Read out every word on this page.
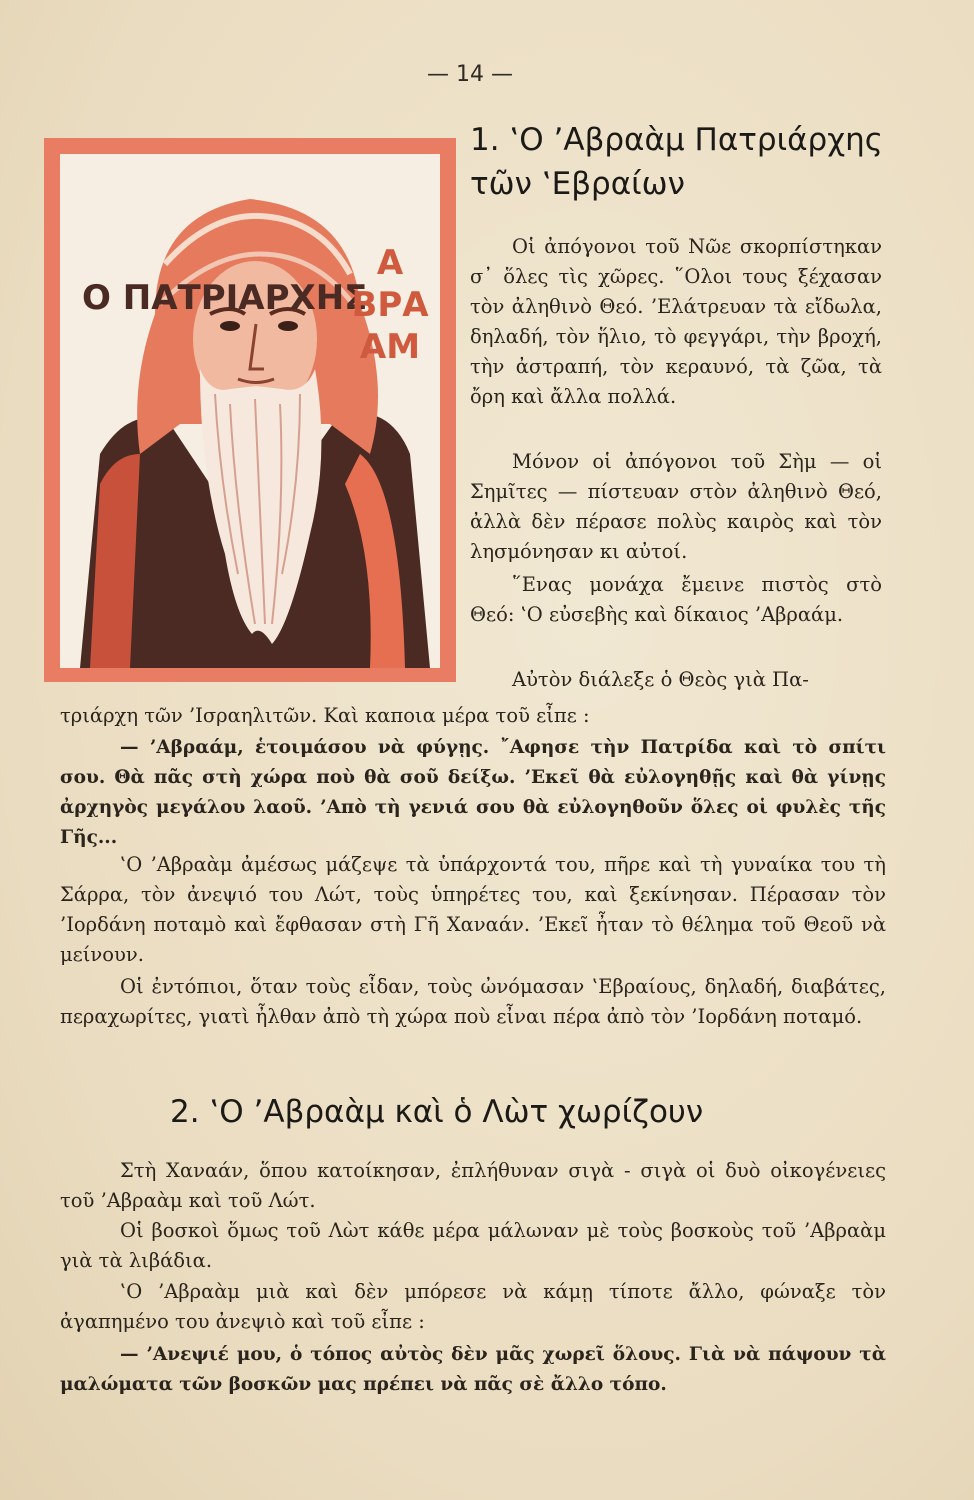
— 14 —
Ο ΠΑΤΡΙΑΡΧΗΣ
Α
ΒΡΑ
ΑΜ
1. ‛Ο ’Αβραὰμ Πατριάρχης τῶν ‛Εβραίων

Οἱ ἀπόγονοι τοῦ Νῶε σκορπίστηκαν σ᾽ ὅλες τὶς χῶρες. ῞Ολοι τους ξέχασαν τὸν ἀληθινὸ Θεό. ’Ελάτρευαν τὰ εἴδωλα, δηλαδή, τὸν ἥλιο, τὸ φεγγάρι, τὴν βροχή, τὴν ἀστραπή, τὸν κεραυνό, τὰ ζῶα, τὰ ὄρη καὶ ἄλλα πολλά.

Μόνον οἱ ἀπόγονοι τοῦ Σὴμ — οἱ Σημῖτες — πίστευαν στὸν ἀληθινὸ Θεό, ἀλλὰ δὲν πέρασε πολὺς καιρὸς καὶ τὸν λησμόνησαν κι αὐτοί.

῞Ενας μονάχα ἔμεινε πιστὸς στὸ Θεό: ‛Ο εὐσεβὴς καὶ δίκαιος ’Αβραάμ.

Αὐτὸν διάλεξε ὁ Θεὸς γιὰ Πα-

τριάρχη τῶν ’Ισραηλιτῶν. Καὶ καποια μέρα τοῦ εἶπε :

— ’Αβραάμ, ἑτοιμάσου νὰ φύγῃς. ῎Αφησε τὴν Πατρίδα καὶ τὸ σπίτι σου. Θὰ πᾶς στὴ χώρα ποὺ θὰ σοῦ δείξω. ’Εκεῖ θὰ εὐλογηθῇς καὶ θὰ γίνῃς ἀρχηγὸς μεγάλου λαοῦ. ’Απὸ τὴ γενιά σου θὰ εὐλογηθοῦν ὅλες οἱ φυλὲς τῆς Γῆς...

‛Ο ’Αβραὰμ ἀμέσως μάζεψε τὰ ὑπάρχοντά του, πῆρε καὶ τὴ γυναίκα του τὴ Σάρρα, τὸν ἀνεψιό του Λώτ, τοὺς ὑπηρέτες του, καὶ ξεκίνησαν. Πέρασαν τὸν ’Ιορδάνη ποταμὸ καὶ ἔφθασαν στὴ Γῆ Χαναάν. ’Εκεῖ ἦταν τὸ θέλημα τοῦ Θεοῦ νὰ μείνουν.

Οἱ ἐντόπιοι, ὅταν τοὺς εἶδαν, τοὺς ὠνόμασαν ‛Εβραίους, δηλαδή, διαβάτες, περαχωρίτες, γιατὶ ἦλθαν ἀπὸ τὴ χώρα ποὺ εἶναι πέρα ἀπὸ τὸν ’Ιορδάνη ποταμό.

2. ‛Ο ’Αβραὰμ καὶ ὁ Λὼτ χωρίζουν

Στὴ Χαναάν, ὅπου κατοίκησαν, ἐπλήθυναν σιγὰ - σιγὰ οἱ δυὸ οἰκογένειες τοῦ ’Αβραὰμ καὶ τοῦ Λώτ.

Οἱ βοσκοὶ ὅμως τοῦ Λὼτ κάθε μέρα μάλωναν μὲ τοὺς βοσκοὺς τοῦ ’Αβραὰμ γιὰ τὰ λιβάδια.

‛Ο ’Αβραὰμ μιὰ καὶ δὲν μπόρεσε νὰ κάμῃ τίποτε ἄλλο, φώναξε τὸν ἀγαπημένο του ἀνεψιὸ καὶ τοῦ εἶπε :

— ’Ανεψιέ μου, ὁ τόπος αὐτὸς δὲν μᾶς χωρεῖ ὅλους. Γιὰ νὰ πάψουν τὰ μαλώματα τῶν βοσκῶν μας πρέπει νὰ πᾶς σὲ ἄλλο τόπο.
